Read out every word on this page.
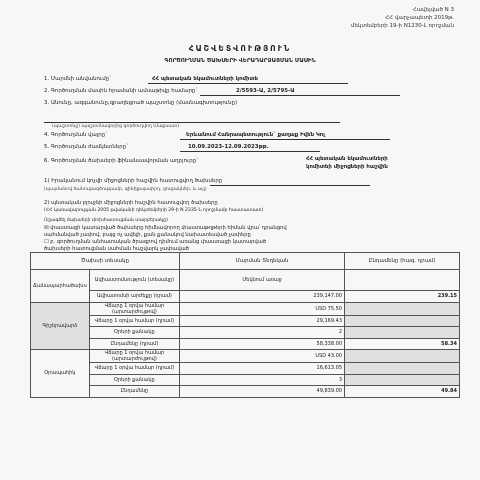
Հավելված N 3
ՀՀ վարչապետի 2019թ.
մեկտեմբերի 19-ի N1230-Լ որոշման
ՀԱՇՎԵՏՎՈՒԹՅՈՒՆ
ԳՈՐԾՈՒՂՄԱՆ ԾԱԽՍԵՐԻ ՎԵՐԱԴԱՐՁԱՑՄԱՆ ՄԱՍԻՆ
1. Մարմնի անվանումը`	ՀՀ պետական եկամուտների կոմիտե
2. Գործուղման մասին հրամանի ամսաթիվը համարը`	2/5593-Ա, 2/5795-Ա
3. Անունը, ազգանունը,զբաղեցրած պաշտոնը (մասնագիտությունը)
(պաշտոնը) պաշտոնավորից գործուղվող (մաքսատ)
4. Գործուղման վայրը`	Երևանում Հանրապետություն` քաղաք Իվեն Կոլ
5. Գործուղման ժամկետները`	10.09.2023-12.09.2023թթ.
6. Գործուղման ծախսերի ֆինանսավորման աղբյուրը`	ՀՀ պետական եկամուտների
կոմիտեի միջոցների հաշվին
1) Իրականում կոչվի միջոցների հաշվին հատուցվող ծախսերը
(պայմանով ծանուցագծությամբ, գինիքայափրդ, ցուցակներ, և այլ)
2) պետական բյուջեի միջոցների հաշվին հատուցվող ծախսերը
(ՀՀ կառավարության 2005 թվականի դեկտեմբերի 29-ի N 2335-Ն որոշմամբ հաստատատ)
(նշագծել ծախսերի փոխհատուցման տարբերակը)
☒ փաստացի կատարված ծախսերը հիմնավորող փաստաթղթերի հիման վրա՝ դրանցով
սահմանված չափով, բայց ոչ ավելի, քան քանակով նախատեսված չափերը
☐ բ. գործուղման անհատական ծրագրով դիմում առանց փաստացի կատարված
ծախսերի հատուցման սահման հաշվարկ չափաված
Ծախսի տեսակը		Մարման Տեղեկան	Ընդամենը (հազ. դրամ)
Ճանապարհածախս	Ավիաստոմսություն (տեսակը)	Մեկնում առաջ	
	Ավիատոմսի արժեքը (դրամ)	239,147.00	239.15
Գիշերավարձ	Վճարը 1 օրվա համար (արտարժույթով)	USD 75.50	
	Վճարը 1 օրվա համար (դրամ)	29,169.43	
	Օրերի քանակը	2	
	Ընդամենը (դրամ)	58,338.00	58.34
Օրապահիկ	Վճարը 1 օրվա համար (արտարժույթով)	USD 43.00	
	Վճարը 1 օրվա համար (դրամ)	16,613.05	
	Օրերի քանակը	3	
	Ընդամենը	49,839.00	49.84
